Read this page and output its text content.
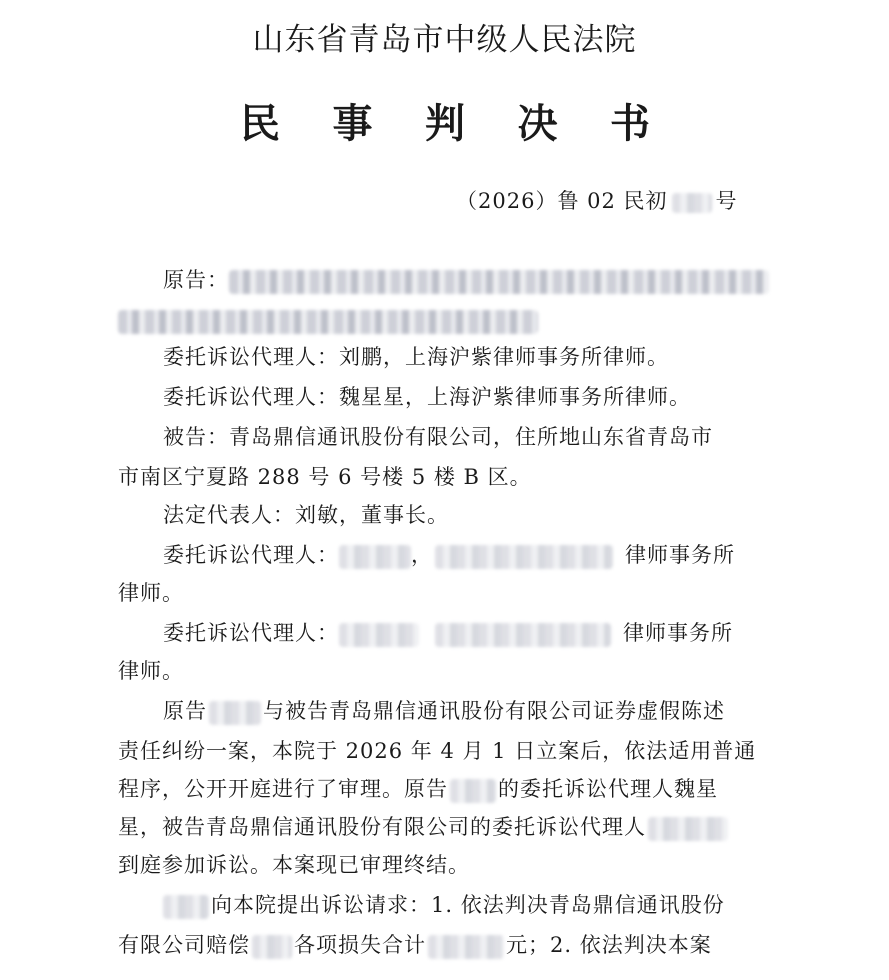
山东省青岛市中级人民法院
民 事 判 决 书
（2026）鲁 02 民初 号
原告：
委托诉讼代理人：刘鹏，上海沪紫律师事务所律师。
委托诉讼代理人：魏星星，上海沪紫律师事务所律师。
被告：青岛鼎信通讯股份有限公司，住所地山东省青岛市
市南区宁夏路 288 号 6 号楼 5 楼 B 区。
法定代表人：刘敏，董事长。
委托诉讼代理人：	，	律师事务所
律师。
委托诉讼代理人：	律师事务所
律师。
原告	与被告青岛鼎信通讯股份有限公司证券虚假陈述
责任纠纷一案，本院于 2026 年 4 月 1 日立案后，依法适用普通
程序，公开开庭进行了审理。原告 的委托诉讼代理人魏星
星，被告青岛鼎信通讯股份有限公司的委托诉讼代理人
到庭参加诉讼。本案现已审理终结。
向本院提出诉讼请求：1. 依法判决青岛鼎信通讯股份
有限公司赔偿 各项损失合计	元；2. 依法判决本案
